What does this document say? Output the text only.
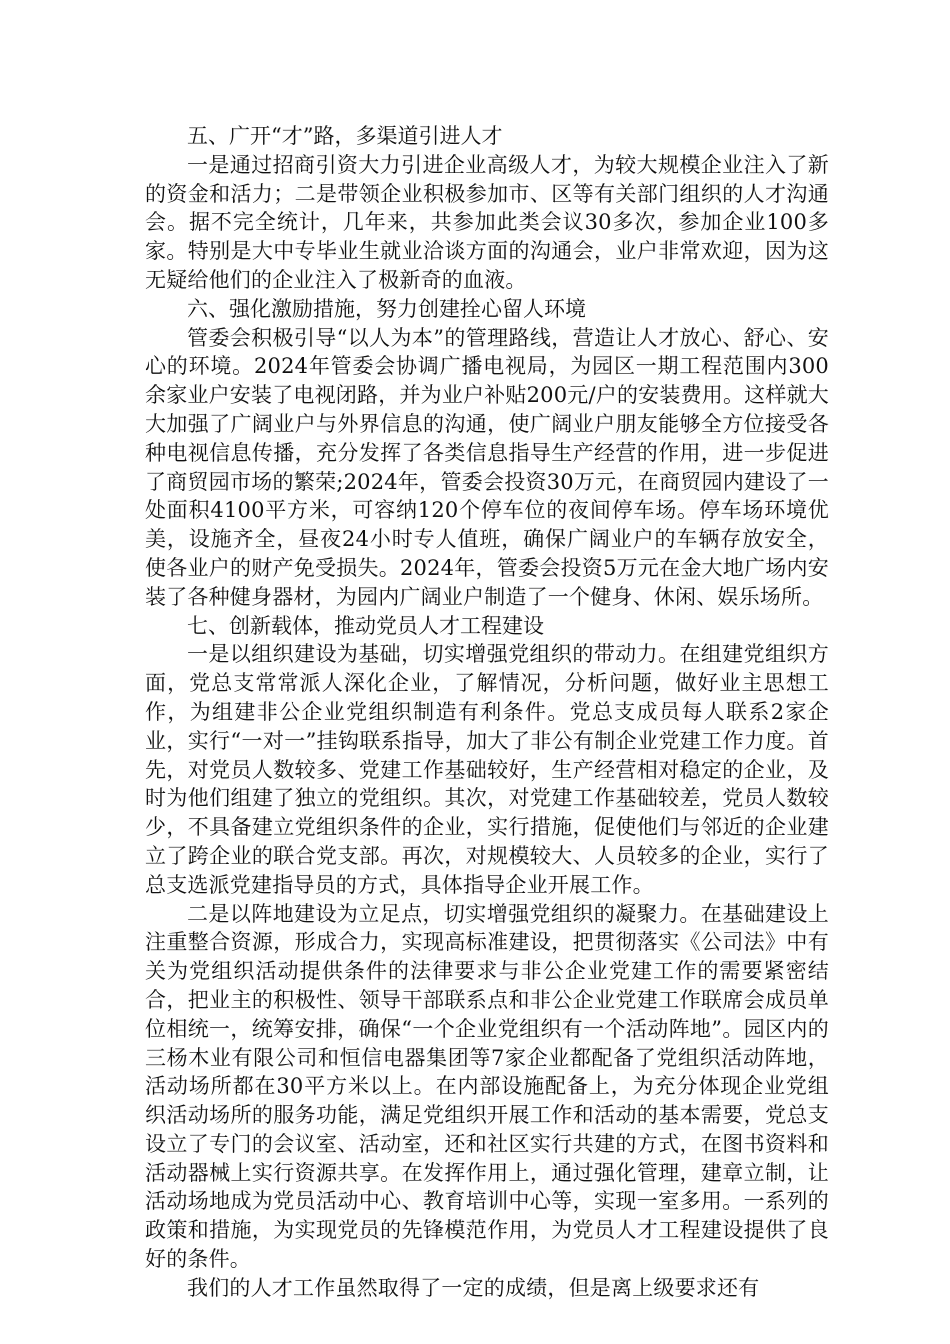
五、广开“才”路，多渠道引进人才

一是通过招商引资大力引进企业高级人才，为较大规模企业注入了新的资金和活力；二是带领企业积极参加市、区等有关部门组织的人才沟通会。据不完全统计，几年来，共参加此类会议30多次，参加企业100多家。特别是大中专毕业生就业洽谈方面的沟通会，业户非常欢迎，因为这无疑给他们的企业注入了极新奇的血液。

六、强化激励措施，努力创建拴心留人环境

管委会积极引导“以人为本”的管理路线，营造让人才放心、舒心、安心的环境。2024年管委会协调广播电视局，为园区一期工程范围内300余家业户安装了电视闭路，并为业户补贴200元/户的安装费用。这样就大大加强了广阔业户与外界信息的沟通，使广阔业户朋友能够全方位接受各种电视信息传播，充分发挥了各类信息指导生产经营的作用，进一步促进了商贸园市场的繁荣;2024年，管委会投资30万元，在商贸园内建设了一处面积4100平方米，可容纳120个停车位的夜间停车场。停车场环境优美，设施齐全，昼夜24小时专人值班，确保广阔业户的车辆存放安全，使各业户的财产免受损失。2024年，管委会投资5万元在金大地广场内安装了各种健身器材，为园内广阔业户制造了一个健身、休闲、娱乐场所。

七、创新载体，推动党员人才工程建设

一是以组织建设为基础，切实增强党组织的带动力。在组建党组织方面，党总支常常派人深化企业，了解情况，分析问题，做好业主思想工作，为组建非公企业党组织制造有利条件。党总支成员每人联系2家企业，实行“一对一”挂钩联系指导，加大了非公有制企业党建工作力度。首先，对党员人数较多、党建工作基础较好，生产经营相对稳定的企业，及时为他们组建了独立的党组织。其次，对党建工作基础较差，党员人数较少，不具备建立党组织条件的企业，实行措施，促使他们与邻近的企业建立了跨企业的联合党支部。再次，对规模较大、人员较多的企业，实行了总支选派党建指导员的方式，具体指导企业开展工作。

二是以阵地建设为立足点，切实增强党组织的凝聚力。在基础建设上注重整合资源，形成合力，实现高标准建设，把贯彻落实《公司法》中有关为党组织活动提供条件的法律要求与非公企业党建工作的需要紧密结合，把业主的积极性、领导干部联系点和非公企业党建工作联席会成员单位相统一，统筹安排，确保“一个企业党组织有一个活动阵地”。园区内的三杨木业有限公司和恒信电器集团等7家企业都配备了党组织活动阵地，活动场所都在30平方米以上。在内部设施配备上，为充分体现企业党组织活动场所的服务功能，满足党组织开展工作和活动的基本需要，党总支设立了专门的会议室、活动室，还和社区实行共建的方式，在图书资料和活动器械上实行资源共享。在发挥作用上，通过强化管理，建章立制，让活动场地成为党员活动中心、教育培训中心等，实现一室多用。一系列的政策和措施，为实现党员的先锋模范作用，为党员人才工程建设提供了良好的条件。

我们的人才工作虽然取得了一定的成绩，但是离上级要求还有
